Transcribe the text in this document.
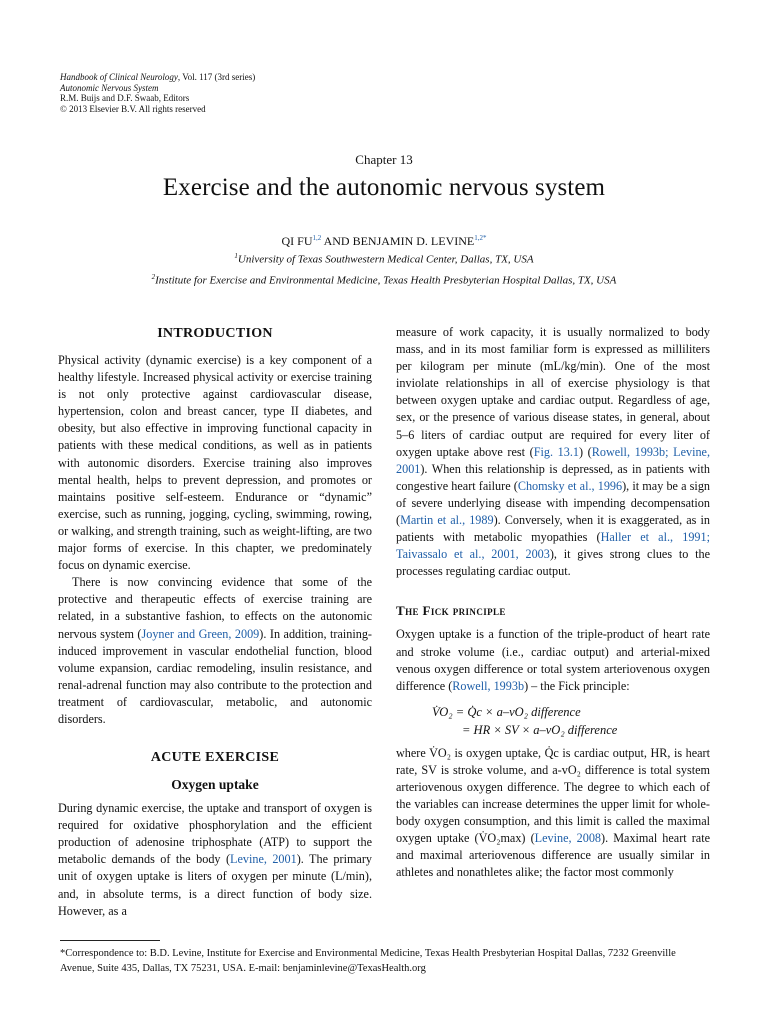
Handbook of Clinical Neurology, Vol. 117 (3rd series)
Autonomic Nervous System
R.M. Buijs and D.F. Swaab, Editors
© 2013 Elsevier B.V. All rights reserved
Chapter 13
Exercise and the autonomic nervous system
QI FU$^{1,2}$ AND BENJAMIN D. $LEVINE^{1,2*}$
$^1$University of Texas Southwestern Medical Center, Dallas, TX, USA
$^2$Institute for Exercise and Environmental Medicine, Texas Health Presbyterian Hospital Dallas, TX, USA
INTRODUCTION

Physical activity (dynamic exercise) is a key component of a healthy lifestyle. Increased physical activity or exercise training is not only protective against cardiovascular disease, hypertension, colon and breast cancer, type II diabetes, and obesity, but also effective in improving functional capacity in patients with these medical conditions, as well as in patients with autonomic disorders. Exercise training also improves mental health, helps to prevent depression, and promotes or maintains positive self-esteem. Endurance or “dynamic” exercise, such as running, jogging, cycling, swimming, rowing, or walking, and strength training, such as weight-lifting, are two major forms of exercise. In this chapter, we predominately focus on dynamic exercise.

There is now convincing evidence that some of the protective and therapeutic effects of exercise training are related, in a substantive fashion, to effects on the autonomic nervous system (Joyner and Green, 2009). In addition, training-induced improvement in vascular endothelial function, blood volume expansion, cardiac remodeling, insulin resistance, and renal-adrenal function may also contribute to the protection and treatment of cardiovascular, metabolic, and autonomic disorders.

ACUTE EXERCISE
Oxygen uptake

During dynamic exercise, the uptake and transport of oxygen is required for oxidative phosphorylation and the efficient production of adenosine triphosphate (ATP) to support the metabolic demands of the body (Levine, 2001). The primary unit of oxygen uptake is liters of oxygen per minute (L/min), and, in absolute terms, is a direct function of body size. However, as a

measure of work capacity, it is usually normalized to body mass, and in its most familiar form is expressed as milliliters per kilogram per minute (mL/kg/min). One of the most inviolate relationships in all of exercise physiology is that between oxygen uptake and cardiac output. Regardless of age, sex, or the presence of various disease states, in general, about 5–6 liters of cardiac output are required for every liter of oxygen uptake above rest (Fig. 13.1) (Rowell, 1993b; Levine, 2001). When this relationship is depressed, as in patients with congestive heart failure (Chomsky et al., 1996), it may be a sign of severe underlying disease with impending decompensation (Martin et al., 1989). Conversely, when it is exaggerated, as in patients with metabolic myopathies (Haller et al., 1991; Taivassalo et al., 2001, 2003), it gives strong clues to the processes regulating cardiac output.

The Fick principle

Oxygen uptake is a function of the triple-product of heart rate and stroke volume (i.e., cardiac output) and arterial-mixed venous oxygen difference or total system arteriovenous oxygen difference (Rowell, 1993b) – the Fick principle:

V̇O₂ = Q̇c × a–vO₂ difference
= HR × SV × a–vO₂ difference

where V̇O₂ is oxygen uptake, Q̇c is cardiac output, HR, is heart rate, SV is stroke volume, and a-vO₂ difference is total system arteriovenous oxygen difference. The degree to which each of the variables can increase determines the upper limit for whole-body oxygen consumption, and this limit is called the maximal oxygen uptake (V̇O₂max) (Levine, 2008). Maximal heart rate and maximal arteriovenous difference are usually similar in athletes and nonathletes alike; the factor most commonly

*Correspondence to: B.D. Levine, Institute for Exercise and Environmental Medicine, Texas Health Presbyterian Hospital Dallas, 7232 Greenville Avenue, Suite 435, Dallas, TX 75231, USA. E-mail: benjaminlevine@TexasHealth.org
